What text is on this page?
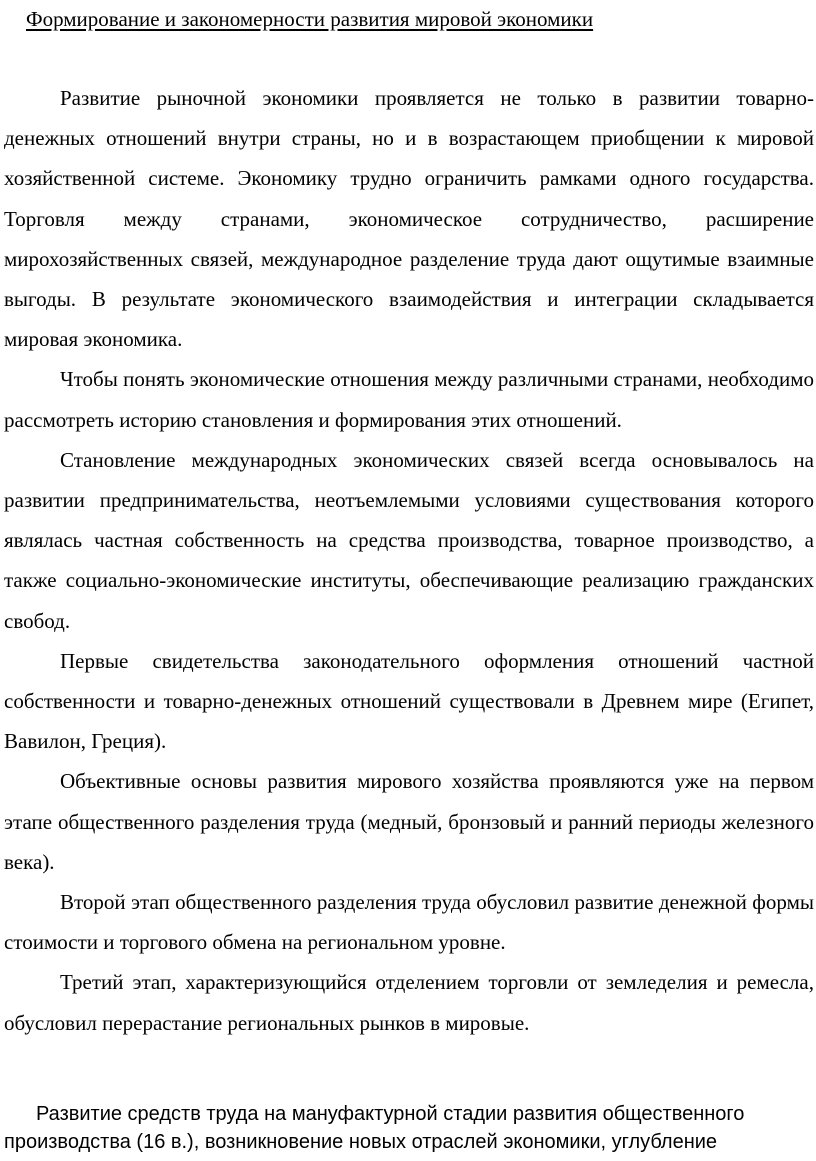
Формирование и закономерности развития мировой экономики

Развитие рыночной экономики проявляется не только в развитии товарно-денежных отношений внутри страны, но и в возрастающем приобщении к мировой хозяйственной системе. Экономику трудно ограничить рамками одного государства. Торговля между странами, экономическое сотрудничество, расширение мирохозяйственных связей, международное разделение труда дают ощутимые взаимные выгоды. В результате экономического взаимодействия и интеграции складывается мировая экономика.

Чтобы понять экономические отношения между различными странами, необходимо рассмотреть историю становления и формирования этих отношений.

Становление международных экономических связей всегда основывалось на развитии предпринимательства, неотъемлемыми условиями существования которого являлась частная собственность на средства производства, товарное производство, а также социально-экономические институты, обеспечивающие реализацию гражданских свобод.

Первые свидетельства законодательного оформления отношений частной собственности и товарно-денежных отношений существовали в Древнем мире (Египет, Вавилон, Греция).

Объективные основы развития мирового хозяйства проявляются уже на первом этапе общественного разделения труда (медный, бронзовый и ранний периоды железного века).

Второй этап общественного разделения труда обусловил развитие денежной формы стоимости и торгового обмена на региональном уровне.

Третий этап, характеризующийся отделением торговли от земледелия и ремесла, обусловил перерастание региональных рынков в мировые.

Развитие средств труда на мануфактурной стадии развития общественного производства (16 в.), возникновение новых отраслей экономики, углубление
